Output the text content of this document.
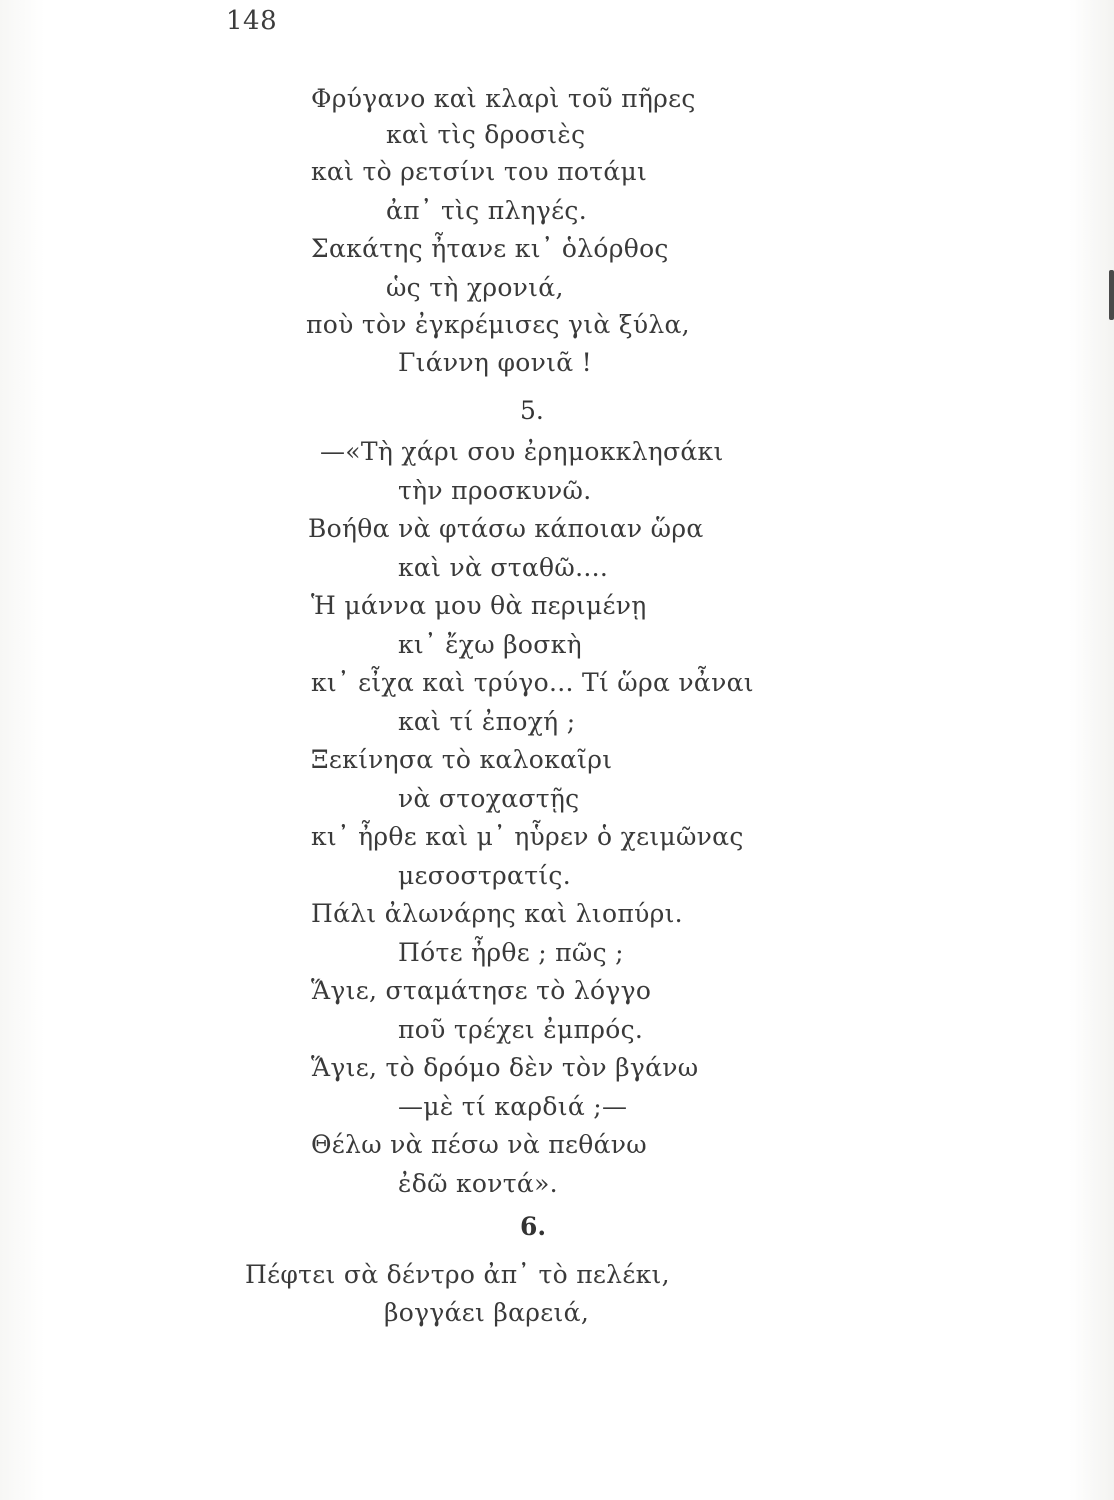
148
Φρύγανο καὶ κλαρὶ τοῦ πῆρες
καὶ τὶς δροσιὲς
καὶ τὸ ρετσίνι του ποτάμι
ἀπ᾿ τὶς πληγές.
Σακάτης ἦτανε κι᾿ ὁλόρθος
ὡς τὴ χρονιά,
ποὺ τὸν ἐγκρέμισες γιὰ ξύλα,
Γιάννη φονιᾶ !
5.
—«Τὴ χάρι σου ἐρημοκκλησάκι
τὴν προσκυνῶ.
Βοήθα νὰ φτάσω κάποιαν ὥρα
καὶ νὰ σταθῶ....
Ἡ μάννα μου θὰ περιμένῃ
κι᾿ ἔχω βοσκὴ
κι᾿ εἶχα καὶ τρύγο... Τί ὥρα νἆναι
καὶ τί ἐποχή ;
Ξεκίνησα τὸ καλοκαῖρι
νὰ στοχαστῇς
κι᾿ ἦρθε καὶ μ᾿ ηὗρεν ὁ χειμῶνας
μεσοστρατίς.
Πάλι ἀλωνάρης καὶ λιοπύρι.
Πότε ἦρθε ; πῶς ;
Ἅγιε, σταμάτησε τὸ λόγγο
ποῦ τρέχει ἐμπρός.
Ἅγιε, τὸ δρόμο δὲν τὸν βγάνω
—μὲ τί καρδιά ;—
Θέλω νὰ πέσω νὰ πεθάνω
ἐδῶ κοντά».
6.
Πέφτει σὰ δέντρο ἀπ᾿ τὸ πελέκι,
βογγάει βαρειά,
